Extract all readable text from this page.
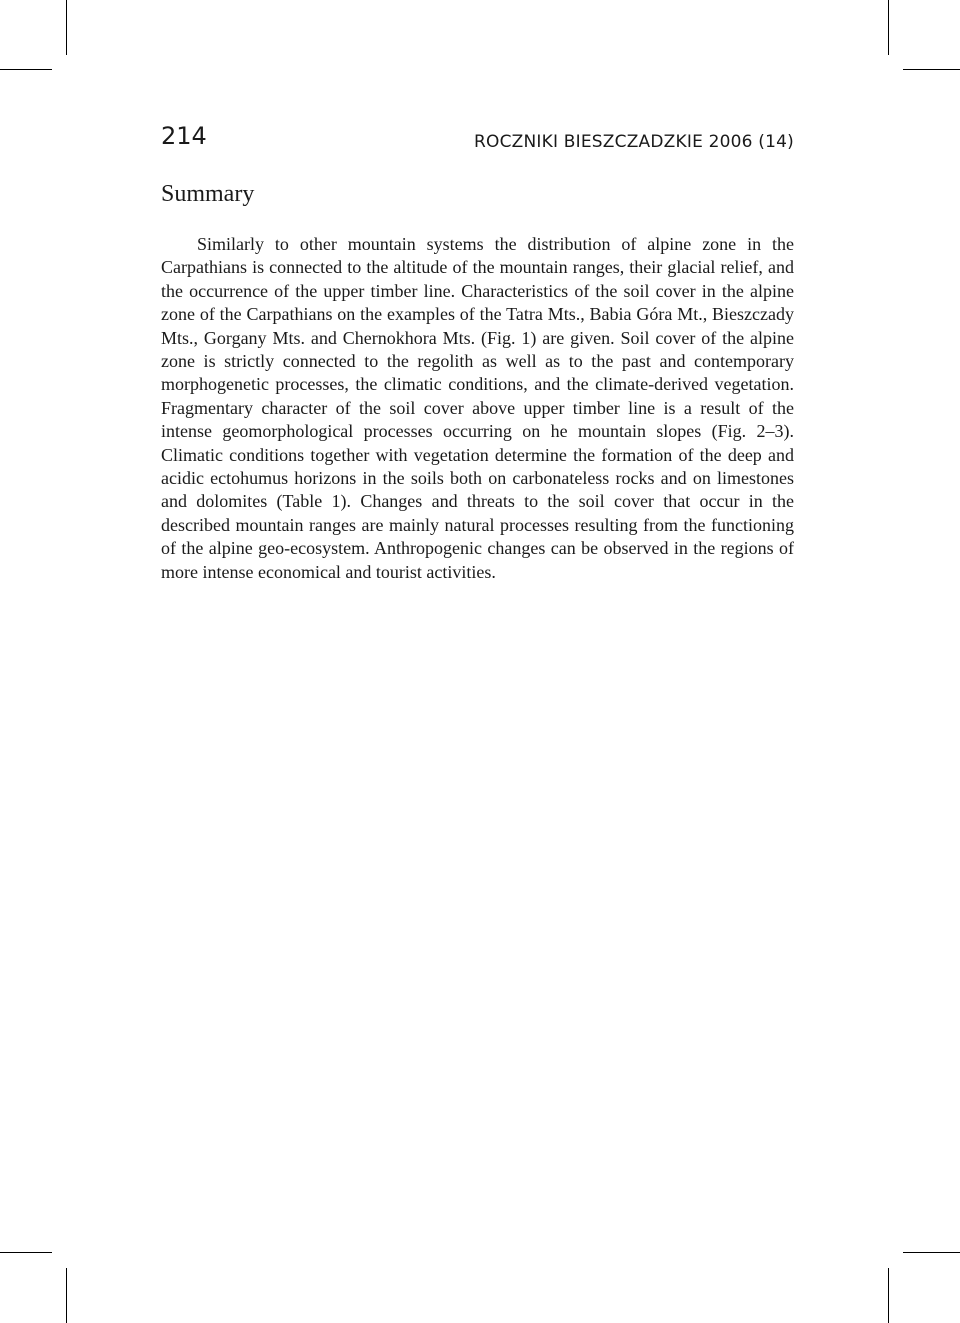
214	ROCZNIKI BIESZCZADZKIE 2006 (14)
Summary

Similarly to other mountain systems the distribution of alpine zone in the Carpathians is connected to the altitude of the mountain ranges, their glacial relief, and the occurrence of the upper timber line. Characteristics of the soil cover in the alpine zone of the Carpathians on the examples of the Tatra Mts., Babia Góra Mt., Bieszczady Mts., Gorgany Mts. and Chernokhora Mts. (Fig. 1) are given. Soil cover of the alpine zone is strictly connected to the regolith as well as to the past and contemporary morphogenetic processes, the climatic conditions, and the climate-derived vegetation. Fragmentary character of the soil cover above upper timber line is a result of the intense geomorphological processes occurring on he mountain slopes (Fig. 2–3). Climatic conditions together with vegetation determine the formation of the deep and acidic ectohumus horizons in the soils both on carbonateless rocks and on limestones and dolomites (Table 1). Changes and threats to the soil cover that occur in the described mountain ranges are mainly natural processes resulting from the functioning of the alpine geo-ecosystem. Anthropogenic changes can be observed in the regions of more intense economical and tourist activities.
